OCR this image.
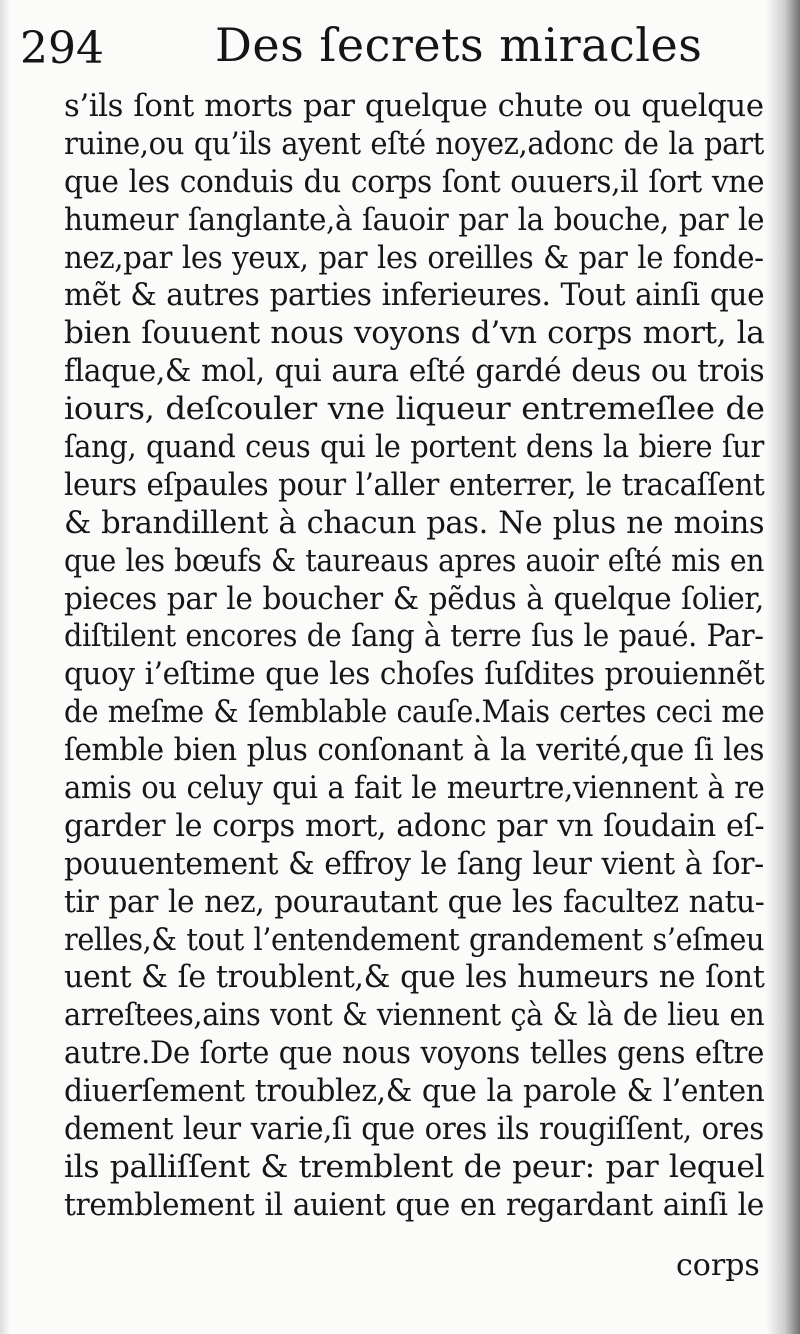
294 Des ſecrets miracles
s’ils ſont morts par quelque chute ou quelque
ruine,ou qu’ils ayent eſté noyez,adonc de la part
que les conduis du corps ſont ouuers,il ſort vne
humeur ſanglante,à ſauoir par la bouche, par le
nez,par les yeux, par les oreilles & par le fonde-
mẽt & autres parties inferieures. Tout ainſi que
bien ſouuent nous voyons d’vn corps mort, la
flaque,& mol, qui aura eſté gardé deus ou trois
iours, deſcouler vne liqueur entremeſlee de
ſang, quand ceus qui le portent dens la biere ſur
leurs eſpaules pour l’aller enterrer, le tracaſſent
& brandillent à chacun pas. Ne plus ne moins
que les bœufs & taureaus apres auoir eſté mis en
pieces par le boucher & pẽdus à quelque ſolier,
diſtilent encores de ſang à terre ſus le paué. Par-
quoy i’eſtime que les choſes ſuſdites prouiennẽt
de meſme & ſemblable cauſe.Mais certes ceci me
ſemble bien plus conſonant à la verité,que ſi les
amis ou celuy qui a fait le meurtre,viennent à re
garder le corps mort, adonc par vn ſoudain eſ-
pouuentement & effroy le ſang leur vient à ſor-
tir par le nez, pourautant que les facultez natu-
relles,& tout l’entendement grandement s’eſmeu
uent & ſe troublent,& que les humeurs ne ſont
arreſtees,ains vont & viennent çà & là de lieu en
autre.De ſorte que nous voyons telles gens eſtre
diuerſement troublez,& que la parole & l’enten
dement leur varie,ſi que ores ils rougiſſent, ores
ils palliſſent & tremblent de peur: par lequel
tremblement il auient que en regardant ainſi le
corps
